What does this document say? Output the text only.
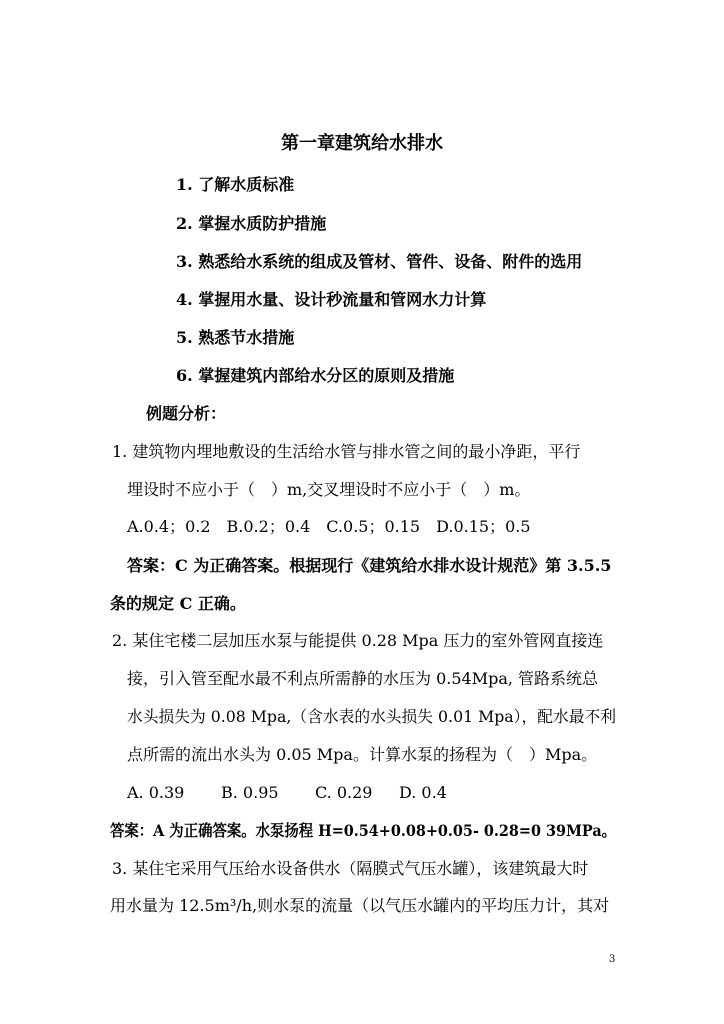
第一章建筑给水排水
1. 了解水质标准
2. 掌握水质防护措施
3. 熟悉给水系统的组成及管材、管件、设备、附件的选用
4. 掌握用水量、设计秒流量和管网水力计算
5. 熟悉节水措施
6. 掌握建筑内部给水分区的原则及措施
例题分析：
1. 建筑物内埋地敷设的生活给水管与排水管之间的最小净距，平行
埋设时不应小于（　）m,交叉埋设时不应小于（　）m。
A.0.4；0.2　B.0.2；0.4　C.0.5；0.15　D.0.15；0.5
答案：C 为正确答案。根据现行《建筑给水排水设计规范》第 3.5.5
条的规定 C 正确。
2. 某住宅楼二层加压水泵与能提供 0.28 Mpa 压力的室外管网直接连
接，引入管至配水最不利点所需静的水压为 0.54Mpa, 管路系统总
水头损失为 0.08 Mpa,（含水表的水头损失 0.01 Mpa），配水最不利
点所需的流出水头为 0.05 Mpa。计算水泵的扬程为（　）Mpa。
A. 0.39 B. 0.95 C. 0.29 D. 0.4
答案：A 为正确答案。水泵扬程 H=0.54+0.08+0.05- 0.28=0 39MPa。
3. 某住宅采用气压给水设备供水（隔膜式气压水罐），该建筑最大时
用水量为 12.5m³/h,则水泵的流量（以气压水罐内的平均压力计，其对
3
